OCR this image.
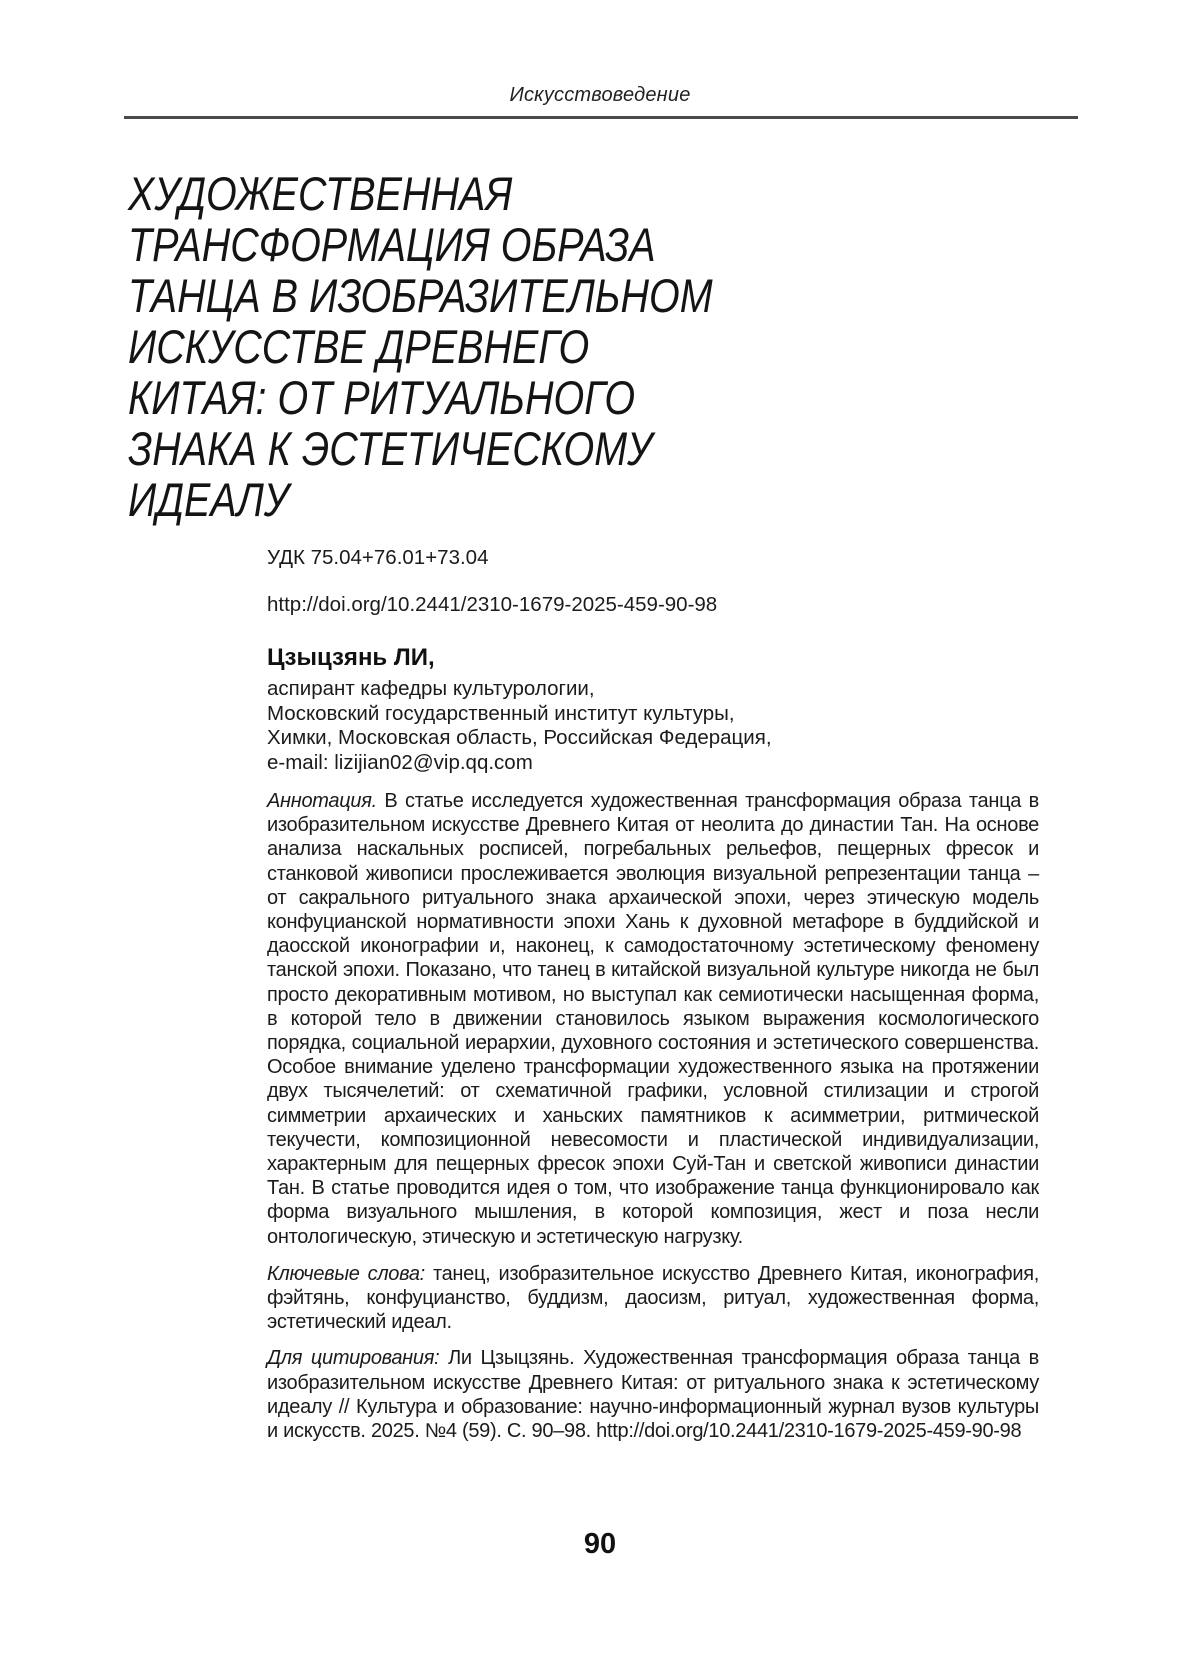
Искусствоведение
ХУДОЖЕСТВЕННАЯ
ТРАНСФОРМАЦИЯ ОБРАЗА
ТАНЦА В ИЗОБРАЗИТЕЛЬНОМ
ИСКУССТВЕ ДРЕВНЕГО
КИТАЯ: ОТ РИТУАЛЬНОГО
ЗНАКА К ЭСТЕТИЧЕСКОМУ
ИДЕАЛУ

УДК 75.04+76.01+73.04

http://doi.org/10.2441/2310-1679-2025-459-90-98

Цзыцзянь ЛИ,

аспирант кафедры культурологии,

Московский государственный институт культуры,

Химки, Московская область, Российская Федерация,

e-mail: lizijian02@vip.qq.com

Аннотация. В статье исследуется художественная трансформация образа танца в изобразительном искусстве Древнего Китая от неолита до династии Тан. На основе анализа наскальных росписей, погребальных рельефов, пещерных фресок и станковой живописи прослеживается эволюция визуальной репрезентации танца – от сакрального ритуального знака архаической эпохи, через этическую модель конфуцианской нормативности эпохи Хань к духовной метафоре в буддийской и даосской иконографии и, наконец, к самодостаточному эстетическому феномену танской эпохи. Показано, что танец в китайской визуальной культуре никогда не был просто декоративным мотивом, но выступал как семиотически насыщенная форма, в которой тело в движении становилось языком выражения космологического порядка, социальной иерархии, духовного состояния и эстетического совершенства. Особое внимание уделено трансформации художественного языка на протяжении двух тысячелетий: от схематичной графики, условной стилизации и строгой симметрии архаических и ханьских памятников к асимметрии, ритмической текучести, композиционной невесомости и пластической индивидуализации, характерным для пещерных фресок эпохи Суй-Тан и светской живописи династии Тан. В статье проводится идея о том, что изображение танца функционировало как форма визуального мышления, в которой композиция, жест и поза несли онтологическую, этическую и эстетическую нагрузку.

Ключевые слова: танец, изобразительное искусство Древнего Китая, иконография, фэйтянь, конфуцианство, буддизм, даосизм, ритуал, художественная форма, эстетический идеал.

Для цитирования: Ли Цзыцзянь. Художественная трансформация образа танца в изобразительном искусстве Древнего Китая: от ритуального знака к эстетическому идеалу // Культура и образование: научно-информационный журнал вузов культуры и искусств. 2025. №4 (59). С. 90–98. http://doi.org/10.2441/2310-1679-2025-459-90-98

90
